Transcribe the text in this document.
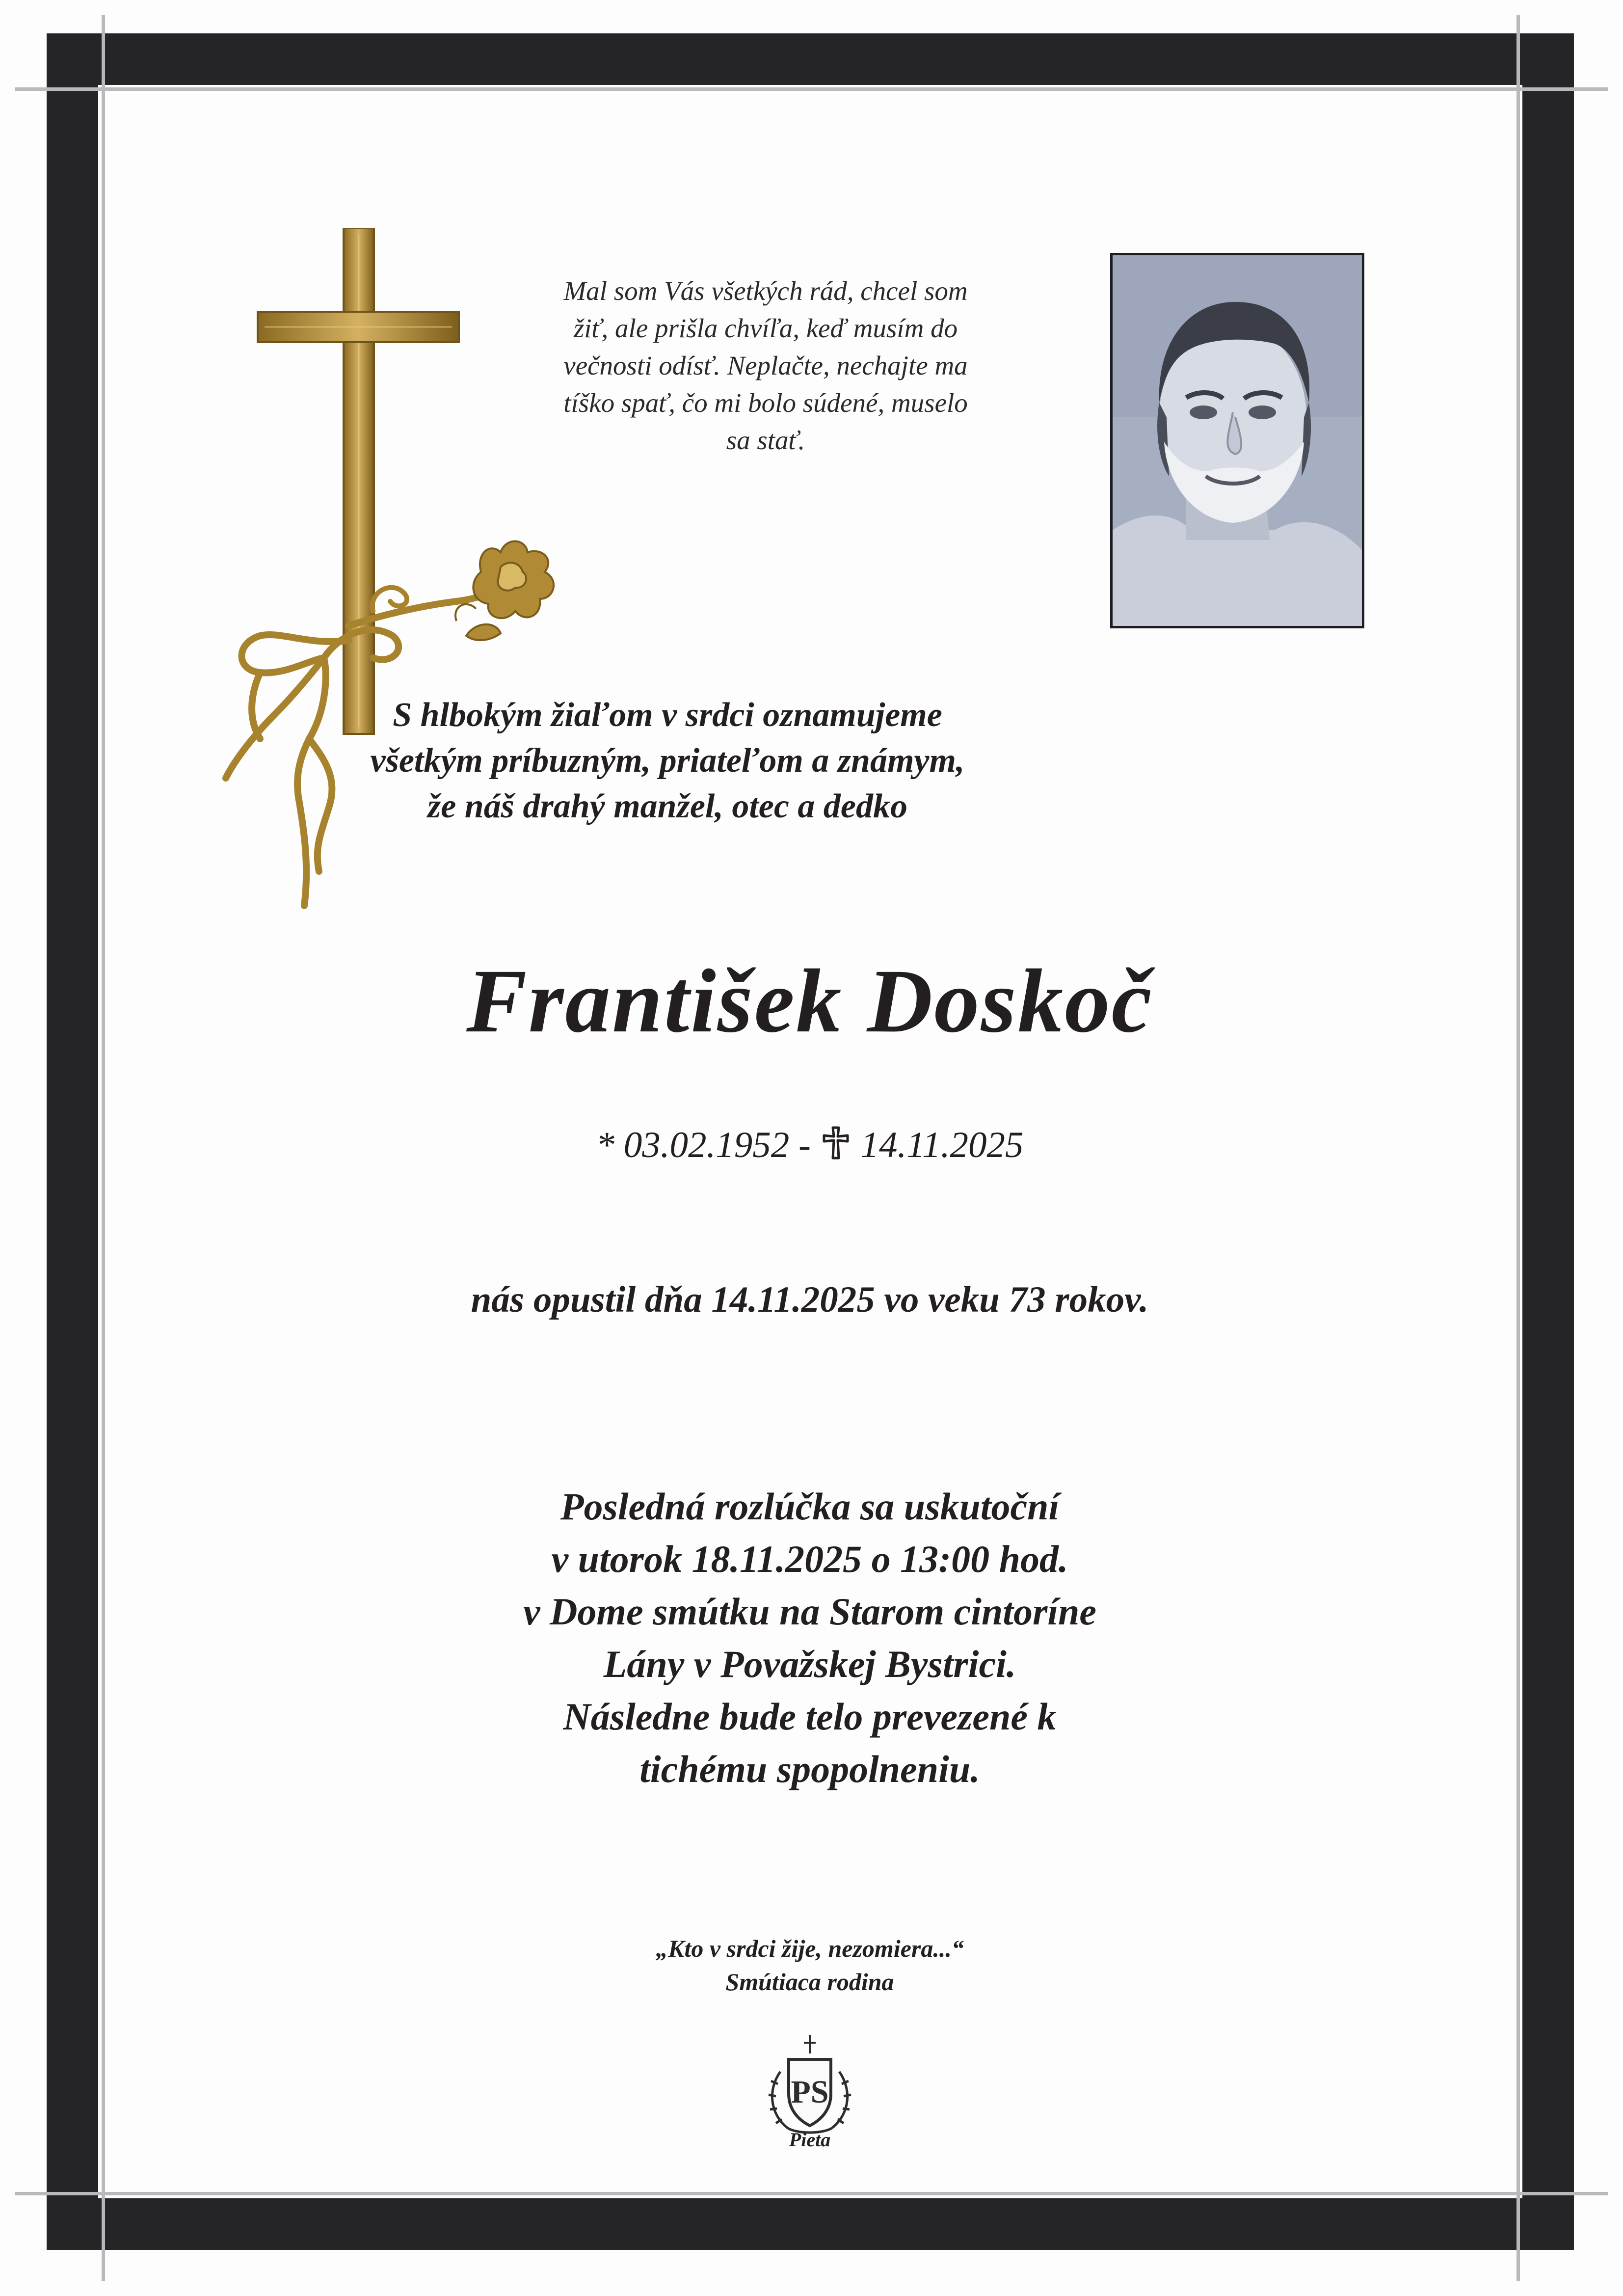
Mal som Vás všetkých rád, chcel som
žiť, ale prišla chvíľa, keď musím do
večnosti odísť. Neplačte, nechajte ma
tíško spať, čo mi bolo súdené, muselo
sa stať.
S hlbokým žiaľom v srdci oznamujeme
všetkým príbuzným, priateľom a známym,
že náš drahý manžel, otec a dedko
František Doskoč
* 03.02.1952 - 14.11.2025
nás opustil dňa 14.11.2025 vo veku 73 rokov.
Posledná rozlúčka sa uskutoční
v utorok 18.11.2025 o 13:00 hod.
v Dome smútku na Starom cintoríne
Lány v Považskej Bystrici.
Následne bude telo prevezené k
tichému spopolneniu.
„Kto v srdci žije, nezomiera...“
Smútiaca rodina
PS
Pieta
